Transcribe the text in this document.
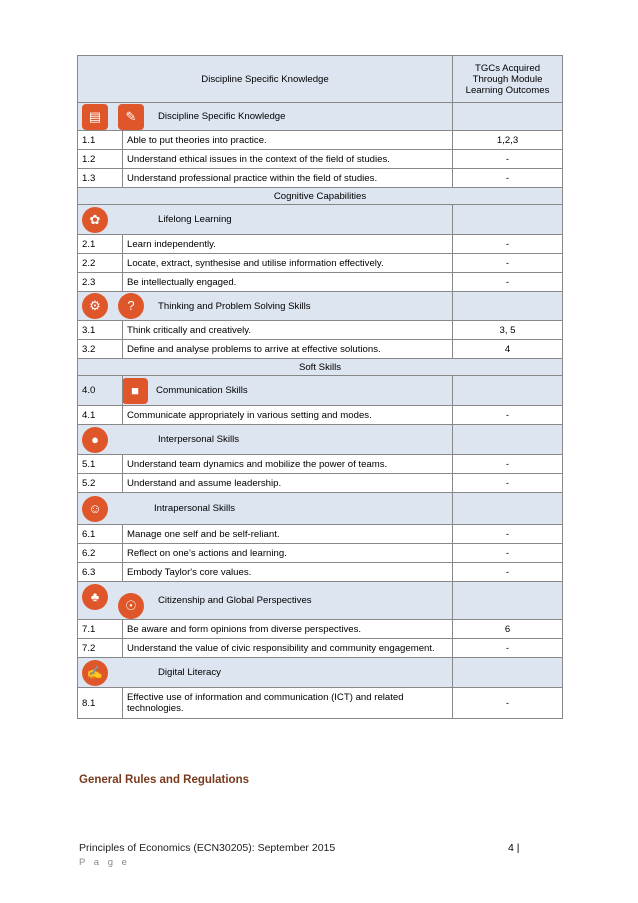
Discipline Specific Knowledge		TGCs Acquired Through Module Learning Outcomes

▤ ✎ Discipline Specific Knowledge		

1.1	Able to put theories into practice.	1,2,3
1.2	Understand ethical issues in the context of the field of studies.	-
1.3	Understand professional practice within the field of studies.	-
Cognitive Capabilities		

✿ Lifelong Learning		

2.1	Learn independently.	-
2.2	Locate, extract, synthesise and utilise information effectively.	-
2.3	Be intellectually engaged.	-

⚙ ? Thinking and Problem Solving Skills		

3.1	Think critically and creatively.	3, 5
3.2	Define and analyse problems to arrive at effective solutions.	4
Soft Skills		
4.0	■ Communication Skills	

4.1	Communicate appropriately in various setting and modes.	-

● Interpersonal Skills		

5.1	Understand team dynamics and mobilize the power of teams.	-
5.2	Understand and assume leadership.	-

☺ Intrapersonal Skills		

6.1	Manage one self and be self-reliant.	-
6.2	Reflect on one’s actions and learning.	-
6.3	Embody Taylor's core values.	-

♣
☉ Citizenship and Global Perspectives		

7.1	Be aware and form opinions from diverse perspectives.	6
7.2	Understand the value of civic responsibility and community engagement.	-

✍ Digital Literacy		

8.1	Effective use of information and communication (ICT) and related technologies.	-
General Rules and Regulations
Principles of Economics (ECN30205): September 2015
P a g e
4 |
